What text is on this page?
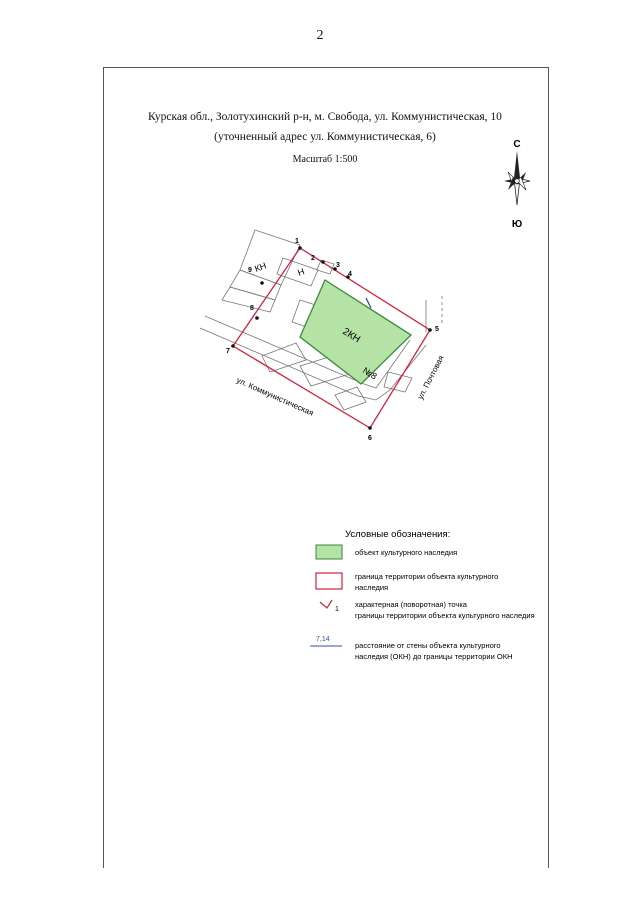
2
Курская обл., Золотухинский р-н, м. Свобода, ул. Коммунистическая, 10
(уточненный адрес ул. Коммунистическая, 6)
Масштаб 1:500
С
Ю
1
2
3
4
5
6
7
8
9 КН	Н
2КН
№8
ул. Коммунистическая	ул. Почтовая
Условные обозначения:
объект культурного наследия
граница территории объекта культурного
наследия
1
характерная (поворотная) точка
границы территории объекта культурного наследия
7,14
расстояние от стены объекта культурного
наследия (ОКН) до границы территории ОКН
